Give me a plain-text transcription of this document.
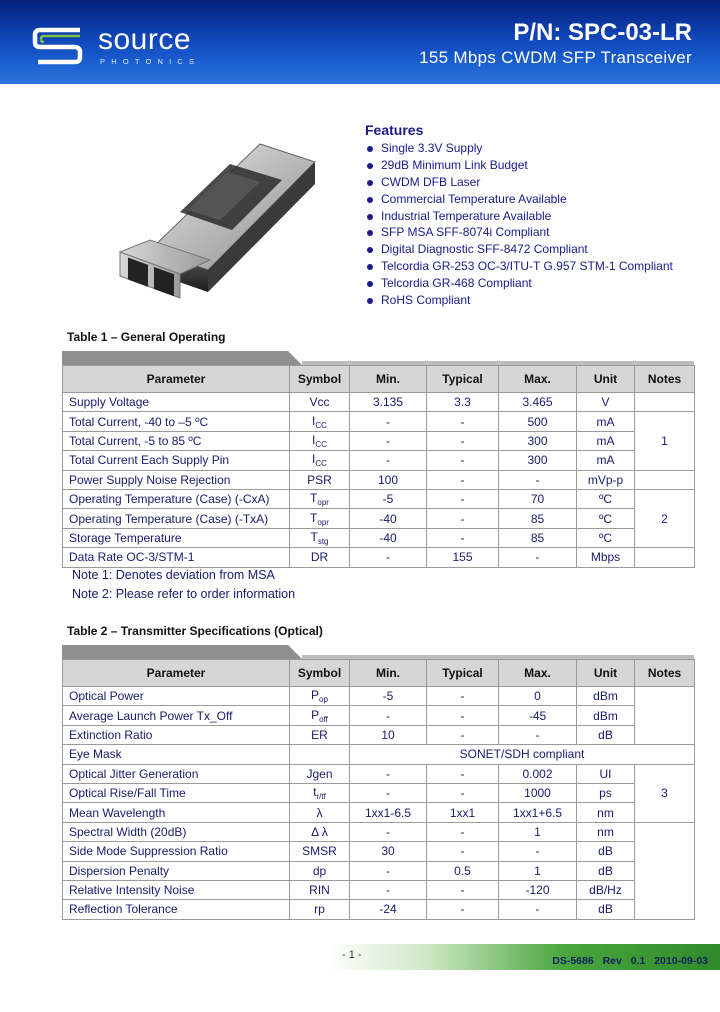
source
PHOTONICS
P/N: SPC-03-LR
155 Mbps CWDM SFP Transceiver
Features
Single 3.3V Supply
29dB Minimum Link Budget
CWDM DFB Laser
Commercial Temperature Available
Industrial Temperature Available
SFP MSA SFF-8074i Compliant
Digital Diagnostic SFF-8472 Compliant
Telcordia GR-253 OC-3/ITU-T G.957 STM-1 Compliant
Telcordia GR-468 Compliant
RoHS Compliant
Table 1 – General Operating
Parameter	Symbol	Min.	Typical	Max.	Unit	Notes
Supply Voltage	Vcc	3.135	3.3	3.465	V	
Total Current, -40 to –5 ºC	$I_{CC}$	-	-	500	mA	1
Total Current, -5 to 85 ºC	$I_{CC}$	-	-	300	mA	
Total Current Each Supply Pin	$I_{CC}$	-	-	300	mA	
Power Supply Noise Rejection	PSR	100	-	-	mVp-p	
Operating Temperature (Case) (-CxA)	$T_{opr}$	-5	-	70	ºC	2
Operating Temperature (Case) (-TxA)	$T_{opr}$	-40	-	85	ºC	
Storage Temperature	$T_{stg}$	-40	-	85	ºC	
Data Rate OC-3/STM-1	DR	-	155	-	Mbps	
Note 1: Denotes deviation from MSA
Note 2: Please refer to order information
Table 2 – Transmitter Specifications (Optical)
Parameter	Symbol	Min.	Typical	Max.	Unit	Notes
Optical Power	$P_{op}$	-5	-	0	dBm	
Average Launch Power Tx_Off	$P_{off}$	-	-	-45	dBm	
Extinction Ratio	ER	10	-	-	dB	
Eye Mask		SONET/SDH compliant				
Optical Jitter Generation	Jgen	-	-	0.002	UI	3
Optical Rise/Fall Time	$t_{r/tf}$	-	-	1000	ps	
Mean Wavelength	λ	1xx1-6.5	1xx1	1xx1+6.5	nm	
Spectral Width (20dB)	Δ λ	-	-	1	nm	
Side Mode Suppression Ratio	SMSR	30	-	-	dB	
Dispersion Penalty	dp	-	0.5	1	dB	
Relative Intensity Noise	RIN	-	-	-120	dB/Hz	
Reflection Tolerance	rp	-24	-	-	dB	
- 1 -	DS-5686 Rev 0.1 2010-09-03
